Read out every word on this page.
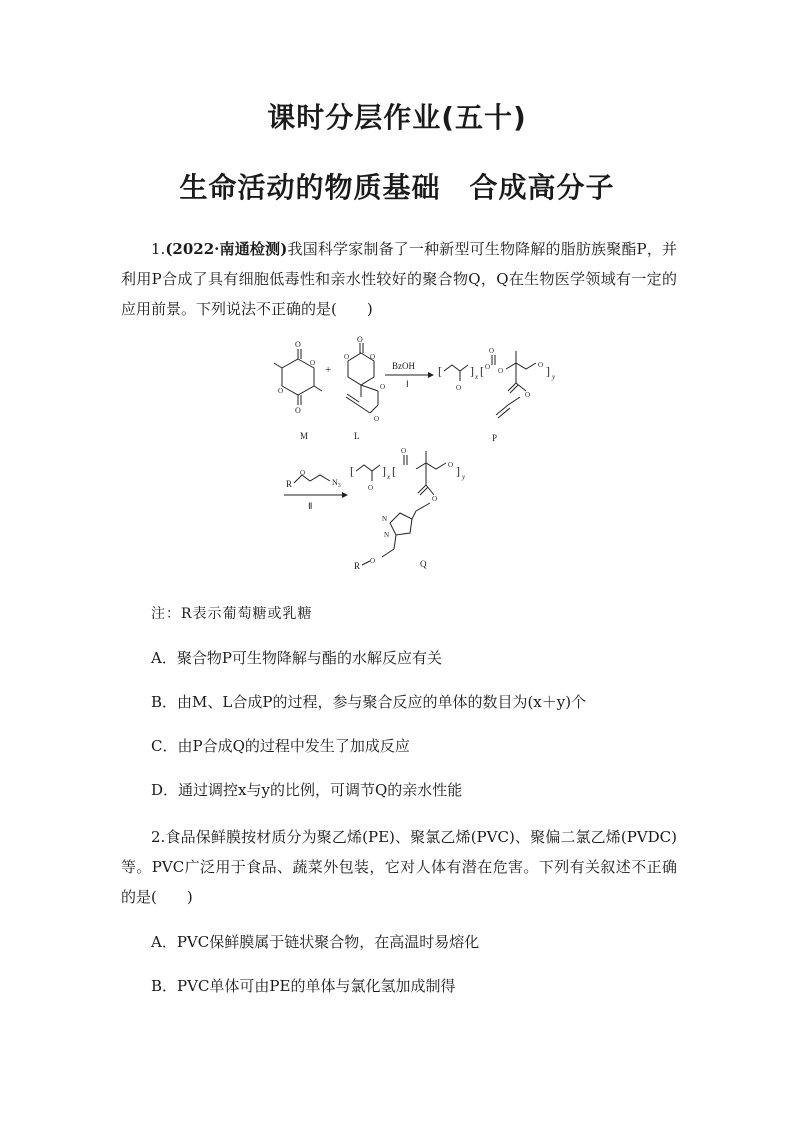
课时分层作业(五十)
生命活动的物质基础　合成高分子
1.(2022·南通检测)我国科学家制备了一种新型可生物降解的脂肪族聚酯P，并利用P合成了具有细胞低毒性和亲水性较好的聚合物Q，Q在生物医学领域有一定的应用前景。下列说法不正确的是(　　)
O
O
O
O
+
O
O
O
O
O
BzOH
Ⅰ
[
O
] x [ O
O
O
O ] y
O
M	L	P
R
O
$N_3$
Ⅱ
[
O
] x [
O
O ] y
O
N
N
O
R	Q
注：R表示葡萄糖或乳糖
A．聚合物P可生物降解与酯的水解反应有关
B．由M、L合成P的过程，参与聚合反应的单体的数目为(x＋y)个
C．由P合成Q的过程中发生了加成反应
D．通过调控x与y的比例，可调节Q的亲水性能
2.食品保鲜膜按材质分为聚乙烯(PE)、聚氯乙烯(PVC)、聚偏二氯乙烯(PVDC)等。PVC广泛用于食品、蔬菜外包装，它对人体有潜在危害。下列有关叙述不正确的是(　　)
A．PVC保鲜膜属于链状聚合物，在高温时易熔化
B．PVC单体可由PE的单体与氯化氢加成制得
